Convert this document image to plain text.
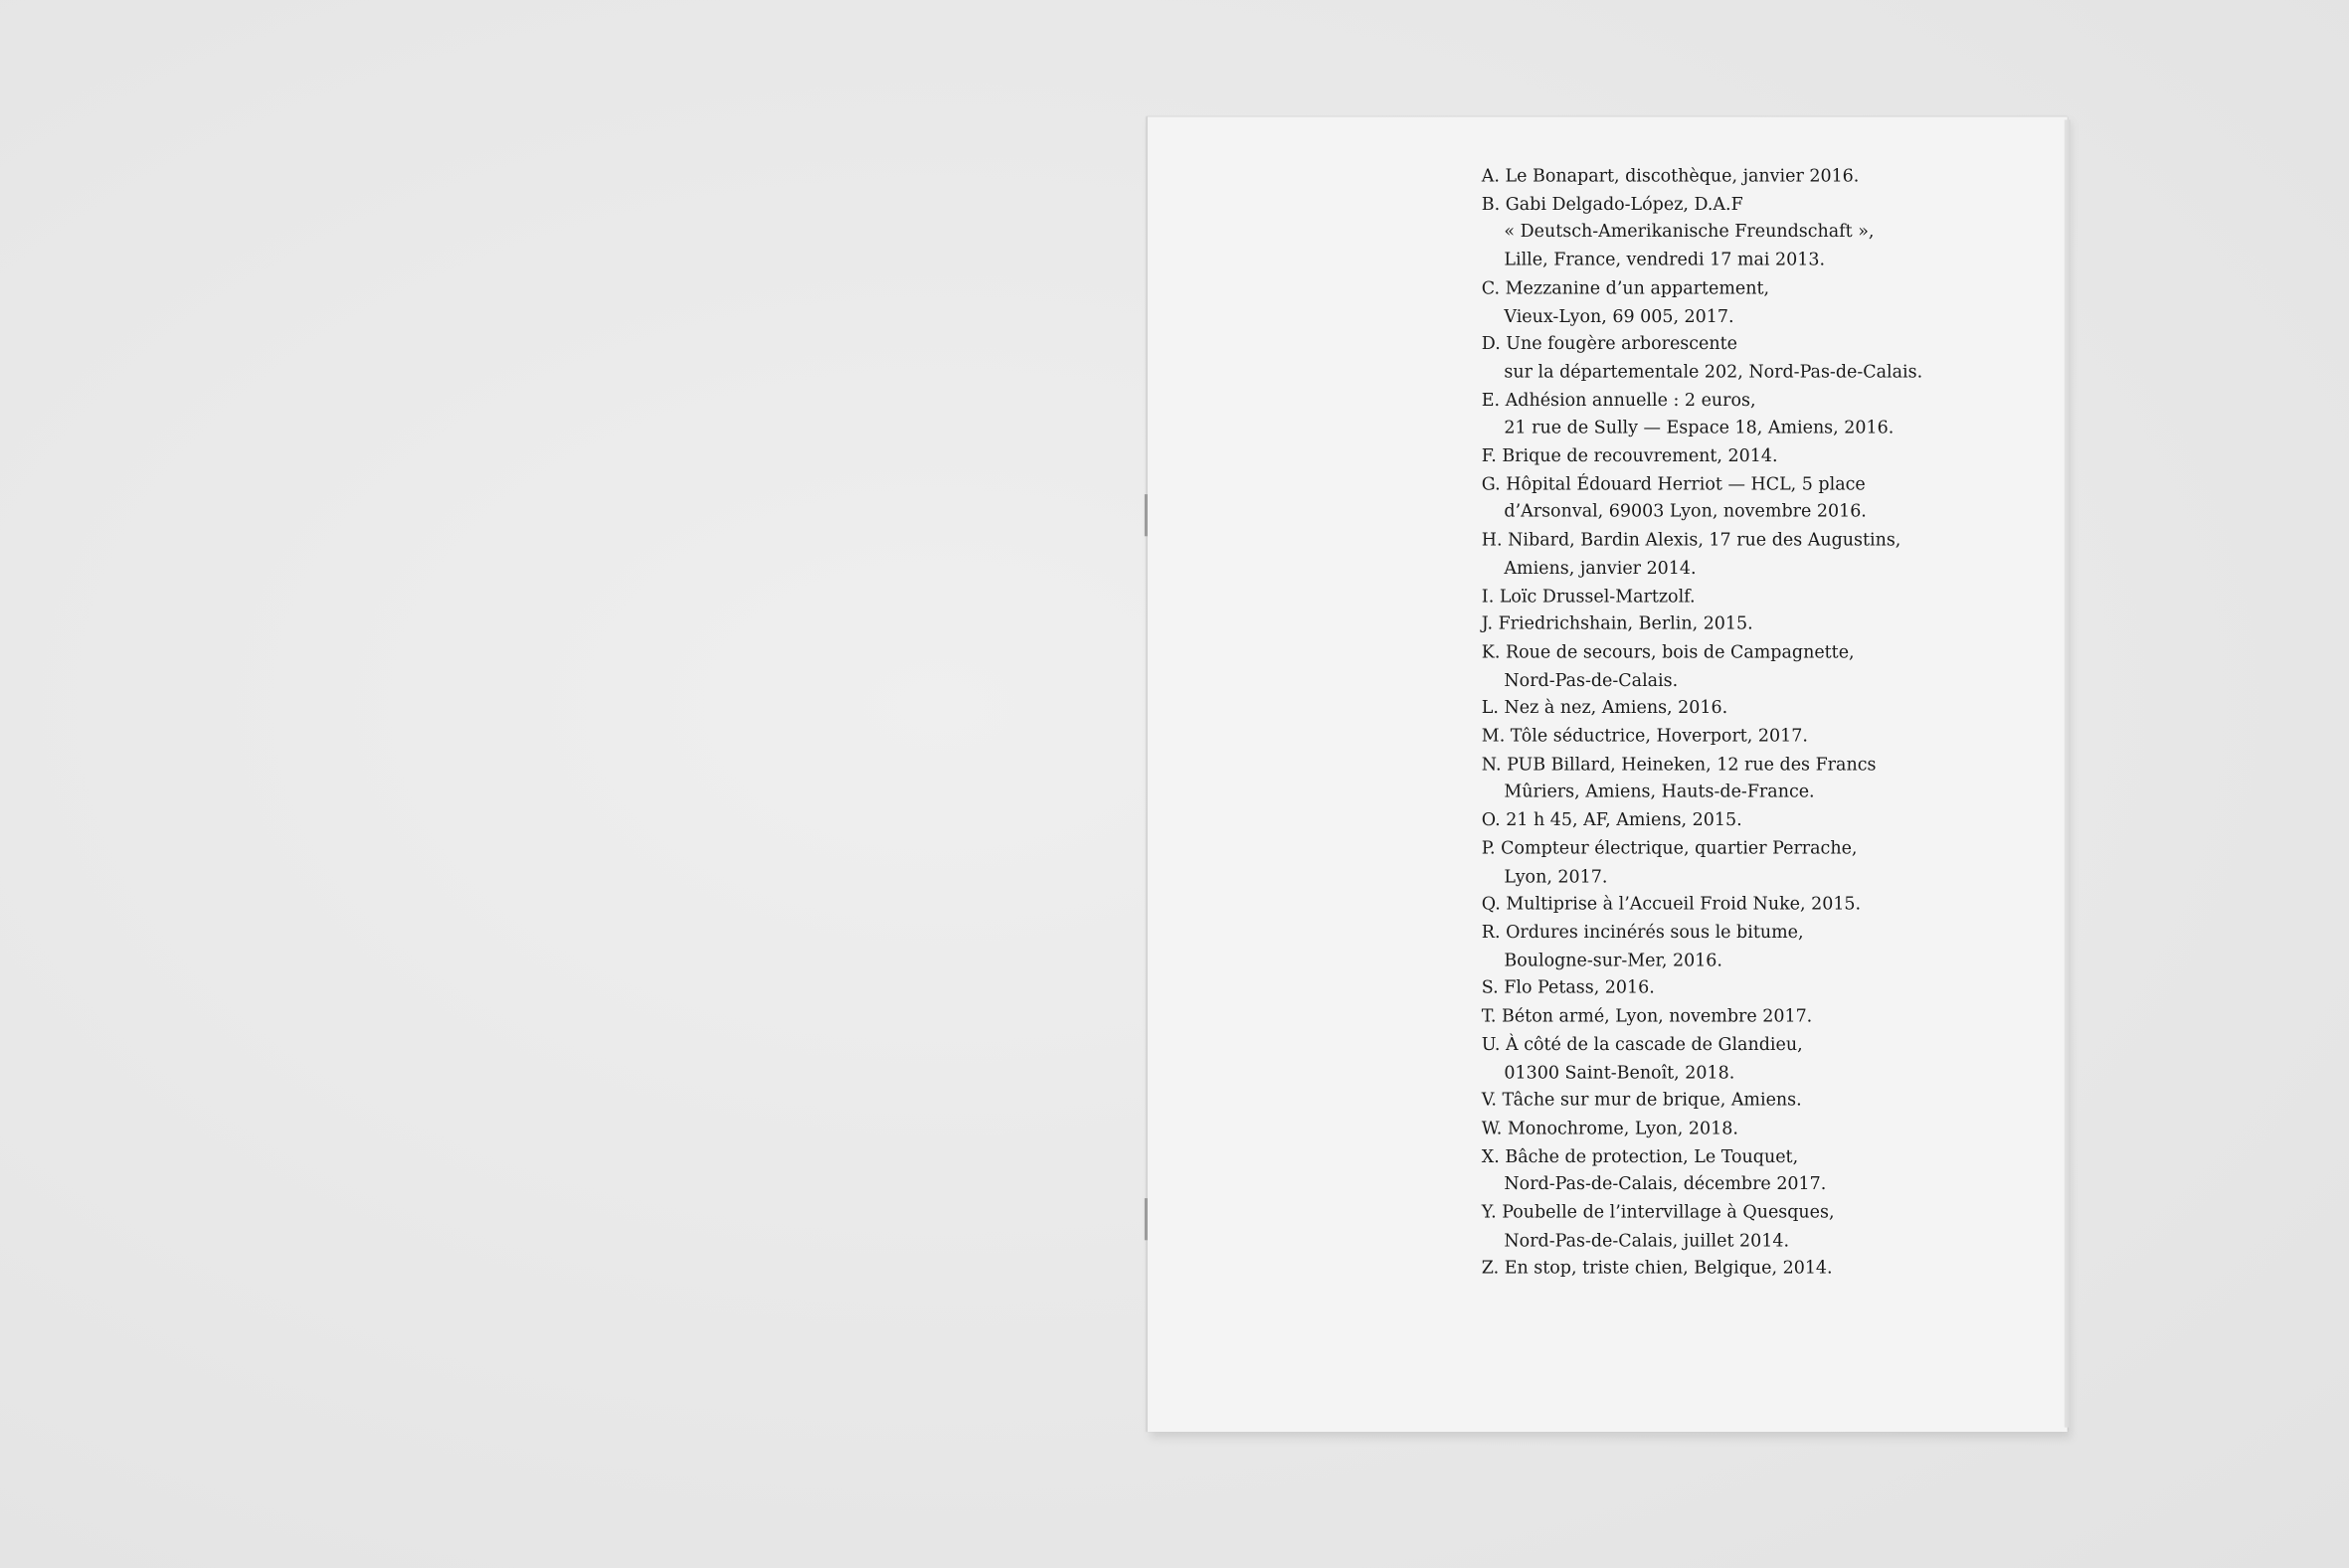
A. Le Bonapart, discothèque, janvier 2016.
B. Gabi Delgado-López, D.A.F
« Deutsch-Amerikanische Freundschaft »,
Lille, France, vendredi 17 mai 2013.
C. Mezzanine d’un appartement,
Vieux-Lyon, 69 005, 2017.
D. Une fougère arborescente
sur la départementale 202, Nord-Pas-de-Calais.
E. Adhésion annuelle : 2 euros,
21 rue de Sully — Espace 18, Amiens, 2016.
F. Brique de recouvrement, 2014.
G. Hôpital Édouard Herriot — HCL, 5 place
d’Arsonval, 69003 Lyon, novembre 2016.
H. Nibard, Bardin Alexis, 17 rue des Augustins,
Amiens, janvier 2014.
I. Loïc Drussel-Martzolf.
J. Friedrichshain, Berlin, 2015.
K. Roue de secours, bois de Campagnette,
Nord-Pas-de-Calais.
L. Nez à nez, Amiens, 2016.
M. Tôle séductrice, Hoverport, 2017.
N. PUB Billard, Heineken, 12 rue des Francs
Mûriers, Amiens, Hauts-de-France.
O. 21 h 45, AF, Amiens, 2015.
P. Compteur électrique, quartier Perrache,
Lyon, 2017.
Q. Multiprise à l’Accueil Froid Nuke, 2015.
R. Ordures incinérés sous le bitume,
Boulogne-sur-Mer, 2016.
S. Flo Petass, 2016.
T. Béton armé, Lyon, novembre 2017.
U. À côté de la cascade de Glandieu,
01300 Saint-Benoît, 2018.
V. Tâche sur mur de brique, Amiens.
W. Monochrome, Lyon, 2018.
X. Bâche de protection, Le Touquet,
Nord-Pas-de-Calais, décembre 2017.
Y. Poubelle de l’intervillage à Quesques,
Nord-Pas-de-Calais, juillet 2014.
Z. En stop, triste chien, Belgique, 2014.
